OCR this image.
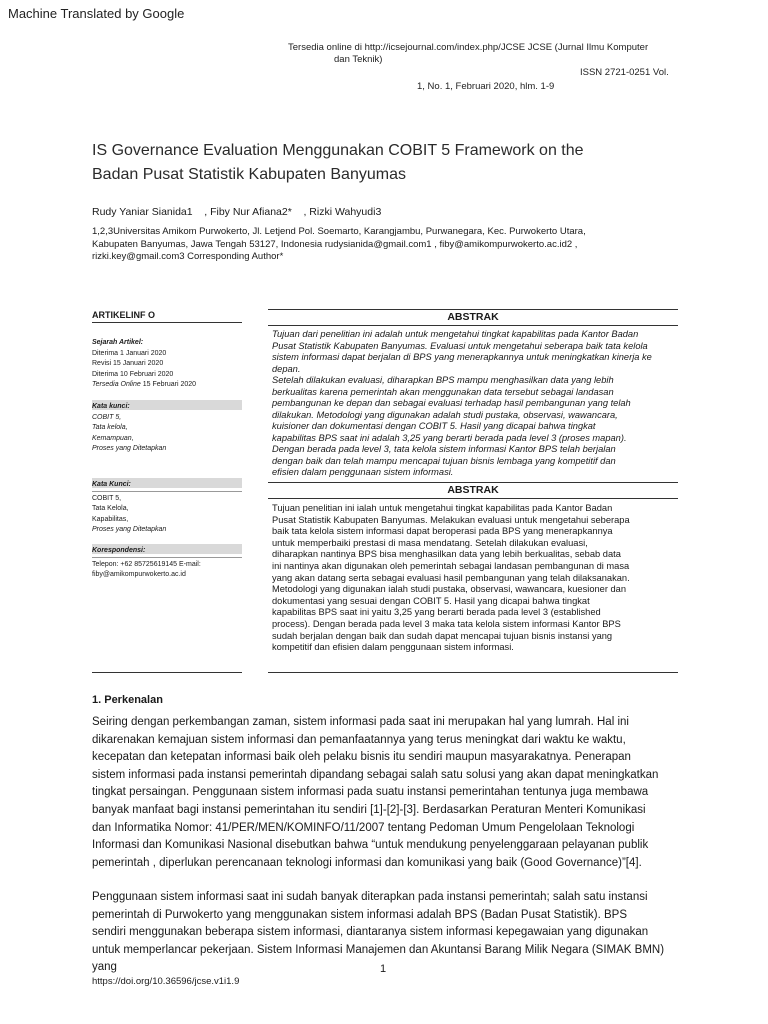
Machine Translated by Google
Tersedia online di http://icsejournal.com/index.php/JCSE JCSE (Jurnal Ilmu Komputer
dan Teknik)
ISSN 2721-0251 Vol.
1, No. 1, Februari 2020, hlm. 1-9
IS Governance Evaluation Menggunakan COBIT 5 Framework on the
Badan Pusat Statistik Kabupaten Banyumas
Rudy Yaniar Sianida1    , Fiby Nur Afiana2*    , Rizki Wahyudi3
1,2,3Universitas Amikom Purwokerto, Jl. Letjend Pol. Soemarto, Karangjambu, Purwanegara, Kec. Purwokerto Utara,
Kabupaten Banyumas, Jawa Tengah 53127, Indonesia rudysianida@gmail.com1 , fiby@amikompurwokerto.ac.id2 ,
rizki.key@gmail.com3 Corresponding Author*
ARTIKELINF O
Sejarah Artikel:
Diterima 1 Januari 2020
Revisi 15 Januari 2020
Diterima 10 Februari 2020
Tersedia Online 15 Februari 2020
Kata kunci:
COBIT 5,
Tata kelola,
Kemampuan,
Proses yang Ditetapkan
Kata Kunci:
COBIT 5,
Tata Kelola,
Kapabilitas,
Proses yang Ditetapkan
Korespondensi:
Telepon: +62 85725619145 E-mail:
fiby@amikompurwokerto.ac.id
ABSTRAK
Tujuan dari penelitian ini adalah untuk mengetahui tingkat kapabilitas pada Kantor Badan
Pusat Statistik Kabupaten Banyumas. Evaluasi untuk mengetahui seberapa baik tata kelola
sistem informasi dapat berjalan di BPS yang menerapkannya untuk meningkatkan kinerja ke depan.
Setelah dilakukan evaluasi, diharapkan BPS mampu menghasilkan data yang lebih
berkualitas karena pemerintah akan menggunakan data tersebut sebagai landasan
pembangunan ke depan dan sebagai evaluasi terhadap hasil pembangunan yang telah
dilakukan. Metodologi yang digunakan adalah studi pustaka, observasi, wawancara,
kuisioner dan dokumentasi dengan COBIT 5. Hasil yang dicapai bahwa tingkat
kapabilitas BPS saat ini adalah 3,25 yang berarti berada pada level 3 (proses mapan).
Dengan berada pada level 3, tata kelola sistem informasi Kantor BPS telah berjalan
dengan baik dan telah mampu mencapai tujuan bisnis lembaga yang kompetitif dan
efisien dalam penggunaan sistem informasi.
ABSTRAK
Tujuan penelitian ini ialah untuk mengetahui tingkat kapabilitas pada Kantor Badan
Pusat Statistik Kabupaten Banyumas. Melakukan evaluasi untuk mengetahui seberapa
baik tata kelola sistem informasi dapat beroperasi pada BPS yang menerapkannya
untuk memperbaiki prestasi di masa mendatang. Setelah dilakukan evaluasi,
diharapkan nantinya BPS bisa menghasilkan data yang lebih berkualitas, sebab data
ini nantinya akan digunakan oleh pemerintah sebagai landasan pembangunan di masa
yang akan datang serta sebagai evaluasi hasil pembangunan yang telah dilaksanakan.
Metodologi yang digunakan ialah studi pustaka, observasi, wawancara, kuesioner dan
dokumentasi yang sesuai dengan COBIT 5. Hasil yang dicapai bahwa tingkat
kapabilitas BPS saat ini yaitu 3,25 yang berarti berada pada level 3 (established
process). Dengan berada pada level 3 maka tata kelola sistem informasi Kantor BPS
sudah berjalan dengan baik dan sudah dapat mencapai tujuan bisnis instansi yang
kompetitif dan efisien dalam penggunaan sistem informasi.
1. Perkenalan
Seiring dengan perkembangan zaman, sistem informasi pada saat ini merupakan hal yang lumrah. Hal ini
dikarenakan kemajuan sistem informasi dan pemanfaatannya yang terus meningkat dari waktu ke waktu,
kecepatan dan ketepatan informasi baik oleh pelaku bisnis itu sendiri maupun masyarakatnya. Penerapan
sistem informasi pada instansi pemerintah dipandang sebagai salah satu solusi yang akan dapat meningkatkan
tingkat persaingan. Penggunaan sistem informasi pada suatu instansi pemerintahan tentunya juga membawa
banyak manfaat bagi instansi pemerintahan itu sendiri [1]-[2]-[3]. Berdasarkan Peraturan Menteri Komunikasi
dan Informatika Nomor: 41/PER/MEN/KOMINFO/11/2007 tentang Pedoman Umum Pengelolaan Teknologi
Informasi dan Komunikasi Nasional disebutkan bahwa “untuk mendukung penyelenggaraan pelayanan publik
pemerintah , diperlukan perencanaan teknologi informasi dan komunikasi yang baik (Good Governance)”[4].
Penggunaan sistem informasi saat ini sudah banyak diterapkan pada instansi pemerintah; salah satu instansi
pemerintah di Purwokerto yang menggunakan sistem informasi adalah BPS (Badan Pusat Statistik). BPS
sendiri menggunakan beberapa sistem informasi, diantaranya sistem informasi kepegawaian yang digunakan
untuk memperlancar pekerjaan. Sistem Informasi Manajemen dan Akuntansi Barang Milik Negara (SIMAK BMN) yang	1
https://doi.org/10.36596/jcse.v1i1.9
